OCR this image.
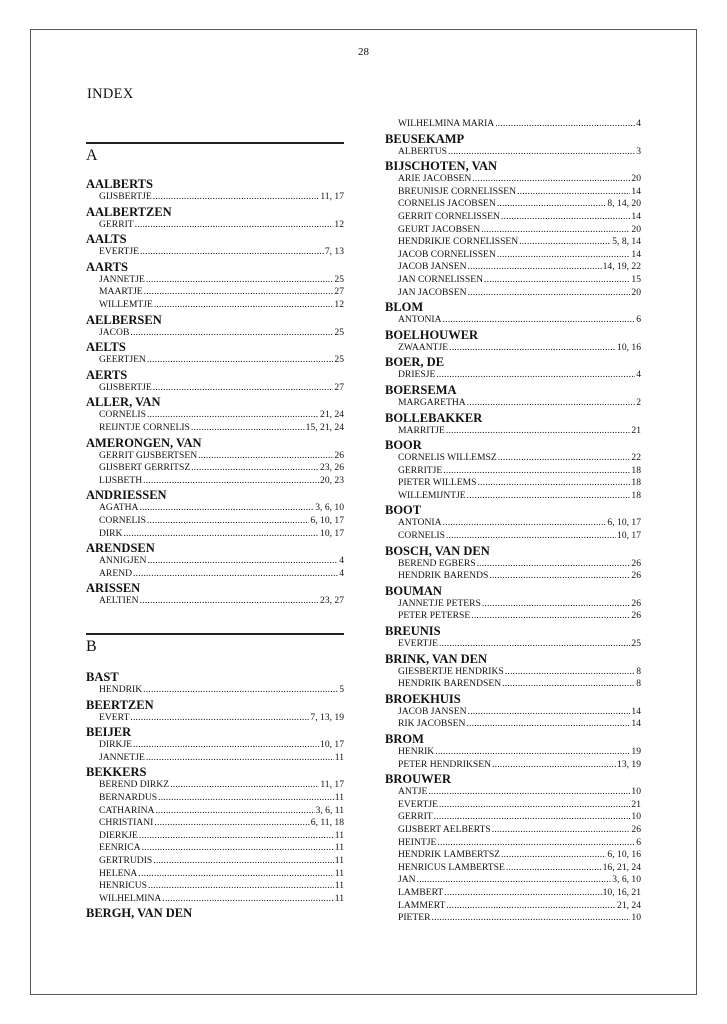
28
INDEX
A
AALBERTS
GIJSBERTJE .....	11, 17
AALBERTZEN
GERRIT .....	12
AALTS
EVERTJE .....	7, 13
AARTS
JANNETJE .....	25
MAARTJE .....	27
WILLEMTJE .....	12
AELBERSEN
JACOB .....	25
AELTS
GEERTJEN .....	25
AERTS
GIJSBERTJE .....	27
ALLER, VAN
CORNELIS .....	21, 24
REIJNTJE CORNELIS .....	15, 21, 24
AMERONGEN, VAN
GERRIT GIJSBERTSEN .....	26
GIJSBERT GERRITSZ .....	23, 26
LIJSBETH .....	20, 23
ANDRIESSEN
AGATHA .....	3, 6, 10
CORNELIS .....	6, 10, 17
DIRK .....	10, 17
ARENDSEN
ANNIGJEN .....	4
AREND .....	4
ARISSEN
AELTIEN .....	23, 27
B
BAST
HENDRIK .....	5
BEERTZEN
EVERT .....	7, 13, 19
BEIJER
DIRKJE .....	10, 17
JANNETJE .....	11
BEKKERS
BEREND DIRKZ .....	11, 17
BERNARDUS .....	11
CATHARINA .....	3, 6, 11
CHRISTIANI .....	6, 11, 18
DIERKJE .....	11
EENRICA .....	11
GERTRUDIS .....	11
HELENA .....	11
HENRICUS .....	11
WILHELMINA .....	11
BERGH, VAN DEN
WILHELMINA MARIA .....	4
BEUSEKAMP
ALBERTUS .....	3
BIJSCHOTEN, VAN
ARIE JACOBSEN .....	20
BREUNISJE CORNELISSEN .....	14
CORNELIS JACOBSEN .....	8, 14, 20
GERRIT CORNELISSEN .....	14
GEURT JACOBSEN .....	20
HENDRIKJE CORNELISSEN .....	5, 8, 14
JACOB CORNELISSEN .....	14
JACOB JANSEN .....	14, 19, 22
JAN CORNELISSEN .....	15
JAN JACOBSEN .....	20
BLOM
ANTONIA .....	6
BOELHOUWER
ZWAANTJE .....	10, 16
BOER, DE
DRIESJE .....	4
BOERSEMA
MARGARETHA .....	2
BOLLEBAKKER
MARRITJE .....	21
BOOR
CORNELIS WILLEMSZ .....	22
GERRITJE .....	18
PIETER WILLEMS .....	18
WILLEMIJNTJE .....	18
BOOT
ANTONIA .....	6, 10, 17
CORNELIS .....	10, 17
BOSCH, VAN DEN
BEREND EGBERS .....	26
HENDRIK BARENDS .....	26
BOUMAN
JANNETJE PETERS .....	26
PETER PETERSE .....	26
BREUNIS
EVERTJE .....	25
BRINK, VAN DEN
GIESBERTJE HENDRIKS .....	8
HENDRIK BARENDSEN .....	8
BROEKHUIS
JACOB JANSEN .....	14
RIK JACOBSEN .....	14
BROM
HENRIK .....	19
PETER HENDRIKSEN .....	13, 19
BROUWER
ANTJE .....	10
EVERTJE .....	21
GERRIT .....	10
GIJSBERT AELBERTS .....	26
HEINTJE .....	6
HENDRIK LAMBERTSZ .....	6, 10, 16
HENRICUS LAMBERTSE .....	16, 21, 24
JAN .....	3, 6, 10
LAMBERT .....	10, 16, 21
LAMMERT .....	21, 24
PIETER .....	10
